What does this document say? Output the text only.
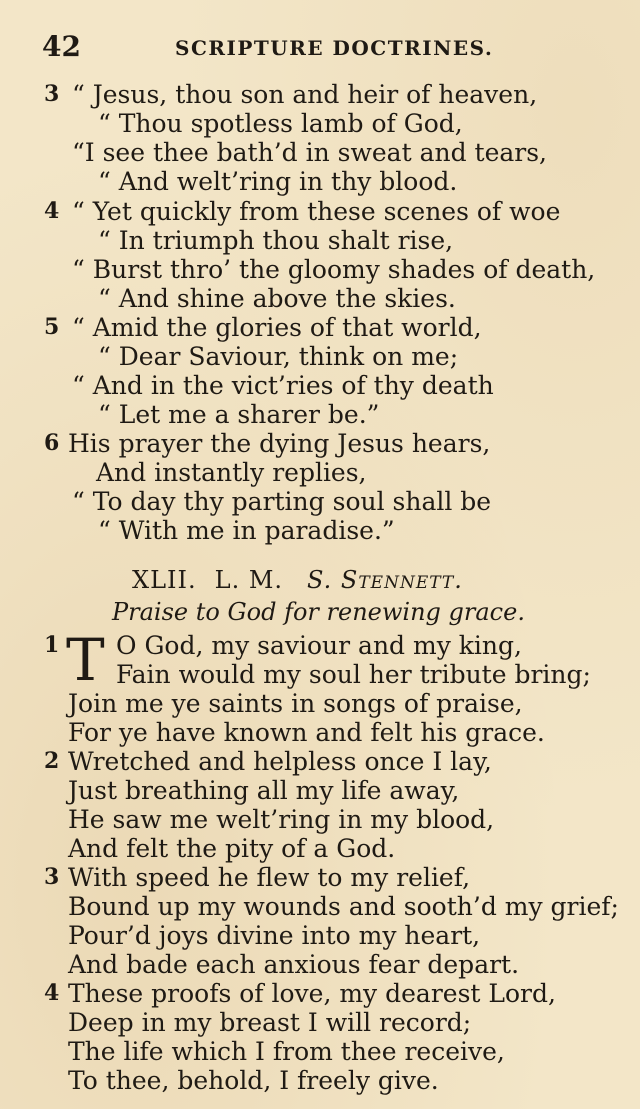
42	SCRIPTURE DOCTRINES.
3 “ Jesus, thou son and heir of heaven,
“ Thou spotless lamb of God,
“I see thee bath’d in sweat and tears,
“ And welt’ring in thy blood.
4 “ Yet quickly from these scenes of woe
“ In triumph thou shalt rise,
“ Burst thro’ the gloomy shades of death,
“ And shine above the skies.
5 “ Amid the glories of that world,
“ Dear Saviour, think on me;
“ And in the vict’ries of thy death
“ Let me a sharer be.”
6 His prayer the dying Jesus hears,
And instantly replies,
“ To day thy parting soul shall be
“ With me in paradise.”
XLII. L. M. S. Stennett.
Praise to God for renewing grace.
T
1 O God, my saviour and my king,
Fain would my soul her tribute bring;
Join me ye saints in songs of praise,
For ye have known and felt his grace.
2 Wretched and helpless once I lay,
Just breathing all my life away,
He saw me welt’ring in my blood,
And felt the pity of a God.
3 With speed he flew to my relief,
Bound up my wounds and sooth’d my grief;
Pour’d joys divine into my heart,
And bade each anxious fear depart.
4 These proofs of love, my dearest Lord,
Deep in my breast I will record;
The life which I from thee receive,
To thee, behold, I freely give.
